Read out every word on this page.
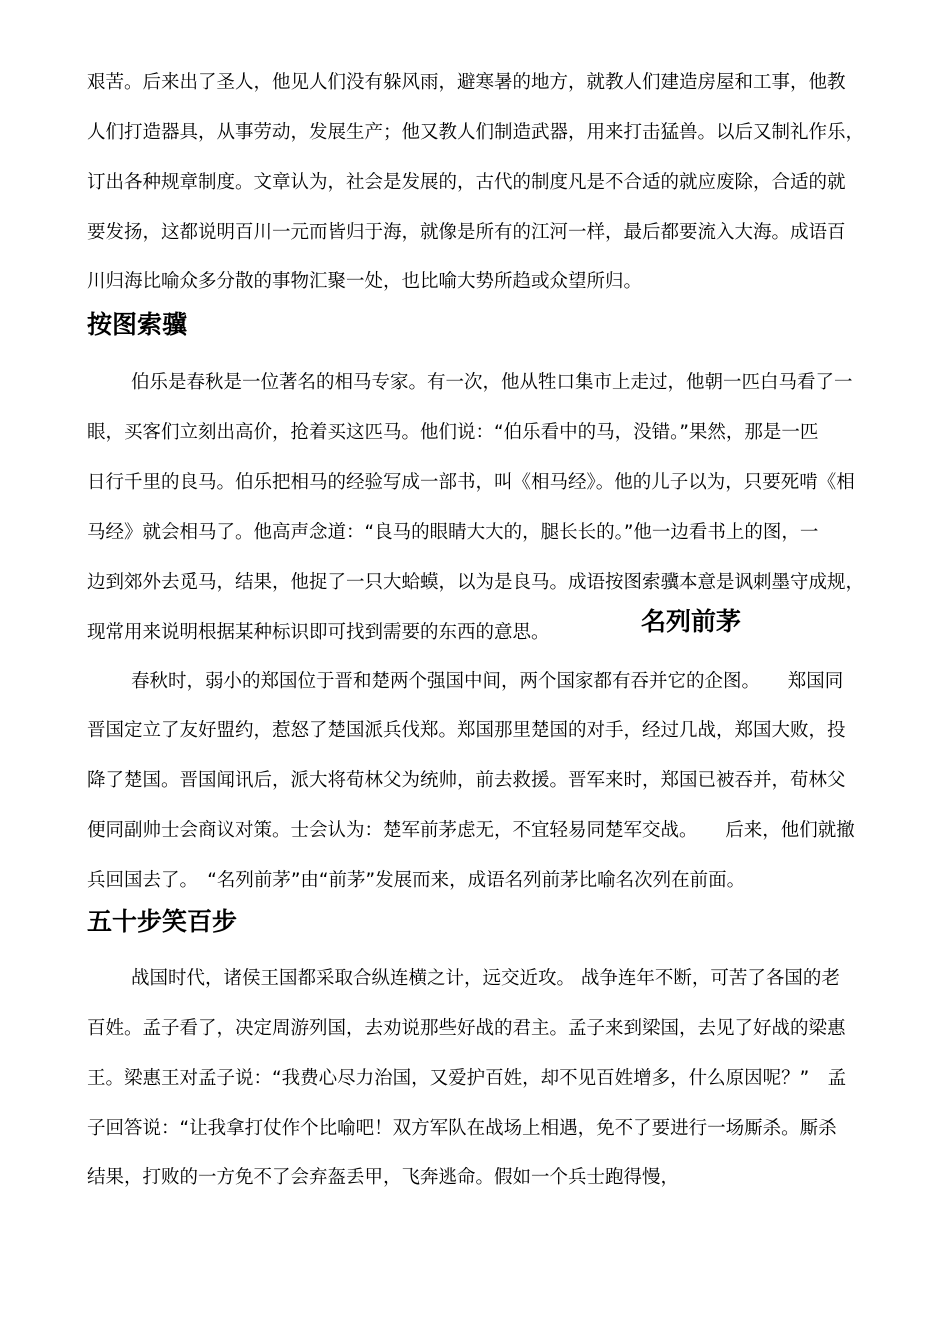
艰苦。后来出了圣人，他见人们没有躲风雨，避寒暑的地方，就教人们建造房屋和工事，他教
人们打造器具，从事劳动，发展生产；他又教人们制造武器，用来打击猛兽。以后又制礼作乐，
订出各种规章制度。文章认为，社会是发展的，古代的制度凡是不合适的就应废除，合适的就
要发扬，这都说明百川一元而皆归于海，就像是所有的江河一样，最后都要流入大海。成语百
川归海比喻众多分散的事物汇聚一处，也比喻大势所趋或众望所归。
按图索骥
伯乐是春秋是一位著名的相马专家。有一次，他从牲口集市上走过，他朝一匹白马看了一
眼，买客们立刻出高价，抢着买这匹马。他们说：“伯乐看中的马，没错。”果然，那是一匹
日行千里的良马。伯乐把相马的经验写成一部书，叫《相马经》。他的儿子以为，只要死啃《相
马经》就会相马了。他高声念道：“良马的眼睛大大的，腿长长的。”他一边看书上的图，一
边到郊外去觅马，结果，他捉了一只大蛤蟆，以为是良马。成语按图索骥本意是讽刺墨守成规，
现常用来说明根据某种标识即可找到需要的东西的意思。	名列前茅
春秋时，弱小的郑国位于晋和楚两个强国中间，两个国家都有吞并它的企图。　　郑国同
晋国定立了友好盟约，惹怒了楚国派兵伐郑。郑国那里楚国的对手，经过几战，郑国大败，投
降了楚国。晋国闻讯后，派大将荀林父为统帅，前去救援。晋军来时，郑国已被吞并，荀林父
便同副帅士会商议对策。士会认为：楚军前茅虑无，不宜轻易同楚军交战。　　后来，他们就撤
兵回国去了。　“名列前茅”由“前茅”发展而来，成语名列前茅比喻名次列在前面。
五十步笑百步
战国时代，诸侯王国都采取合纵连横之计，远交近攻。 战争连年不断，可苦了各国的老
百姓。孟子看了，决定周游列国，去劝说那些好战的君主。孟子来到梁国，去见了好战的梁惠
王。梁惠王对孟子说：“我费心尽力治国，又爱护百姓，却不见百姓增多，什么原因呢？”　孟
子回答说：“让我拿打仗作个比喻吧！双方军队在战场上相遇，免不了要进行一场厮杀。厮杀
结果，打败的一方免不了会弃盔丢甲，飞奔逃命。假如一个兵士跑得慢，
